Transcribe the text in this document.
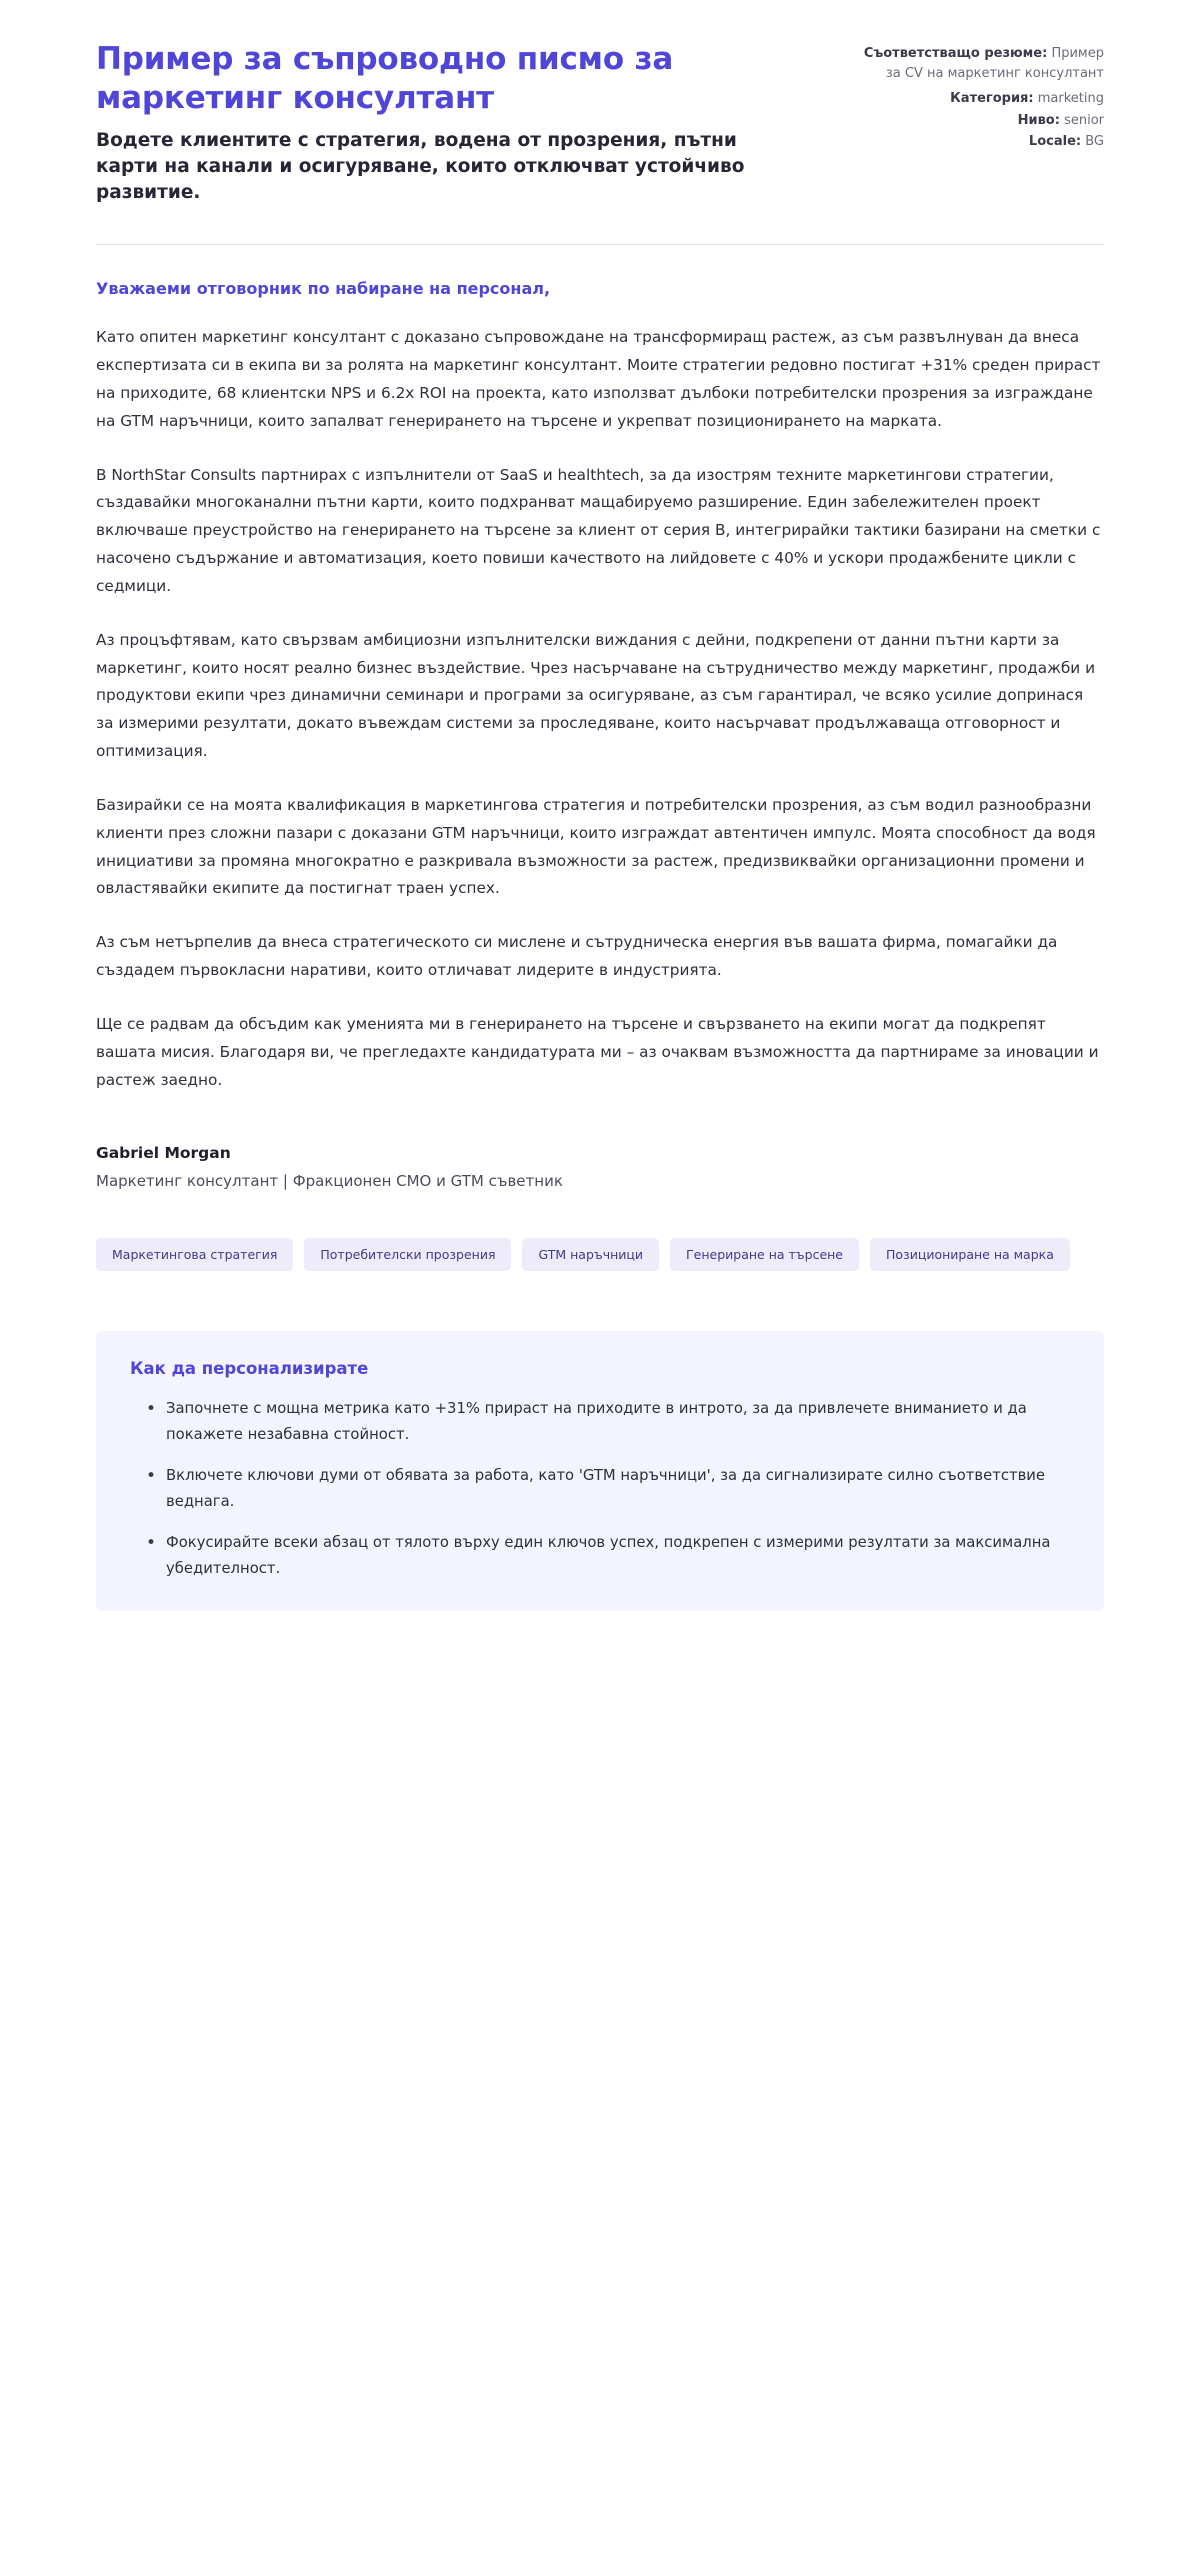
Пример за съпроводно писмо за маркетинг консултант

Водете клиентите с стратегия, водена от прозрения, пътни карти на канали и осигуряване, които отключват устойчиво развитие.

Съответстващо резюме: Пример за CV на маркетинг консултант
Категория: marketing
Ниво: senior
Locale: BG

Уважаеми отговорник по набиране на персонал,

Като опитен маркетинг консултант с доказано съпровождане на трансформиращ растеж, аз съм развълнуван да внеса експертизата си в екипа ви за ролята на маркетинг консултант. Моите стратегии редовно постигат +31% среден прираст на приходите, 68 клиентски NPS и 6.2x ROI на проекта, като използват дълбоки потребителски прозрения за изграждане на GTM наръчници, които запалват генерирането на търсене и укрепват позиционирането на марката.

В NorthStar Consults партнирах с изпълнители от SaaS и healthtech, за да изострям техните маркетингови стратегии, създавайки многоканални пътни карти, които подхранват мащабируемо разширение. Един забележителен проект включваше преустройство на генерирането на търсене за клиент от серия B, интегрирайки тактики базирани на сметки с насочено съдържание и автоматизация, което повиши качеството на лийдовете с 40% и ускори продажбените цикли с седмици.

Аз процъфтявам, като свързвам амбициозни изпълнителски виждания с дейни, подкрепени от данни пътни карти за маркетинг, които носят реално бизнес въздействие. Чрез насърчаване на сътрудничество между маркетинг, продажби и продуктови екипи чрез динамични семинари и програми за осигуряване, аз съм гарантирал, че всяко усилие допринася за измерими резултати, докато въвеждам системи за проследяване, които насърчават продължаваща отговорност и оптимизация.

Базирайки се на моята квалификация в маркетингова стратегия и потребителски прозрения, аз съм водил разнообразни клиенти през сложни пазари с доказани GTM наръчници, които изграждат автентичен импулс. Моята способност да водя инициативи за промяна многократно е разкривала възможности за растеж, предизвиквайки организационни промени и овластявайки екипите да постигнат траен успех.

Аз съм нетърпелив да внеса стратегическото си мислене и сътрудническа енергия във вашата фирма, помагайки да създадем първокласни наративи, които отличават лидерите в индустрията.

Ще се радвам да обсъдим как уменията ми в генерирането на търсене и свързването на екипи могат да подкрепят вашата мисия. Благодаря ви, че прегледахте кандидатурата ми – аз очаквам възможността да партнираме за иновации и растеж заедно.

Gabriel Morgan

Маркетинг консултант | Фракционен CMO и GTM съветник

Маркетингова стратегия	Потребителски прозрения	GTM наръчници	Генериране на търсене	Позициониране на марка
Как да персонализирате
• Започнете с мощна метрика като +31% прираст на приходите в интрото, за да привлечете вниманието и да покажете незабавна стойност.
• Включете ключови думи от обявата за работа, като 'GTM наръчници', за да сигнализирате силно съответствие веднага.
• Фокусирайте всеки абзац от тялото върху един ключов успех, подкрепен с измерими резултати за максимална убедителност.
